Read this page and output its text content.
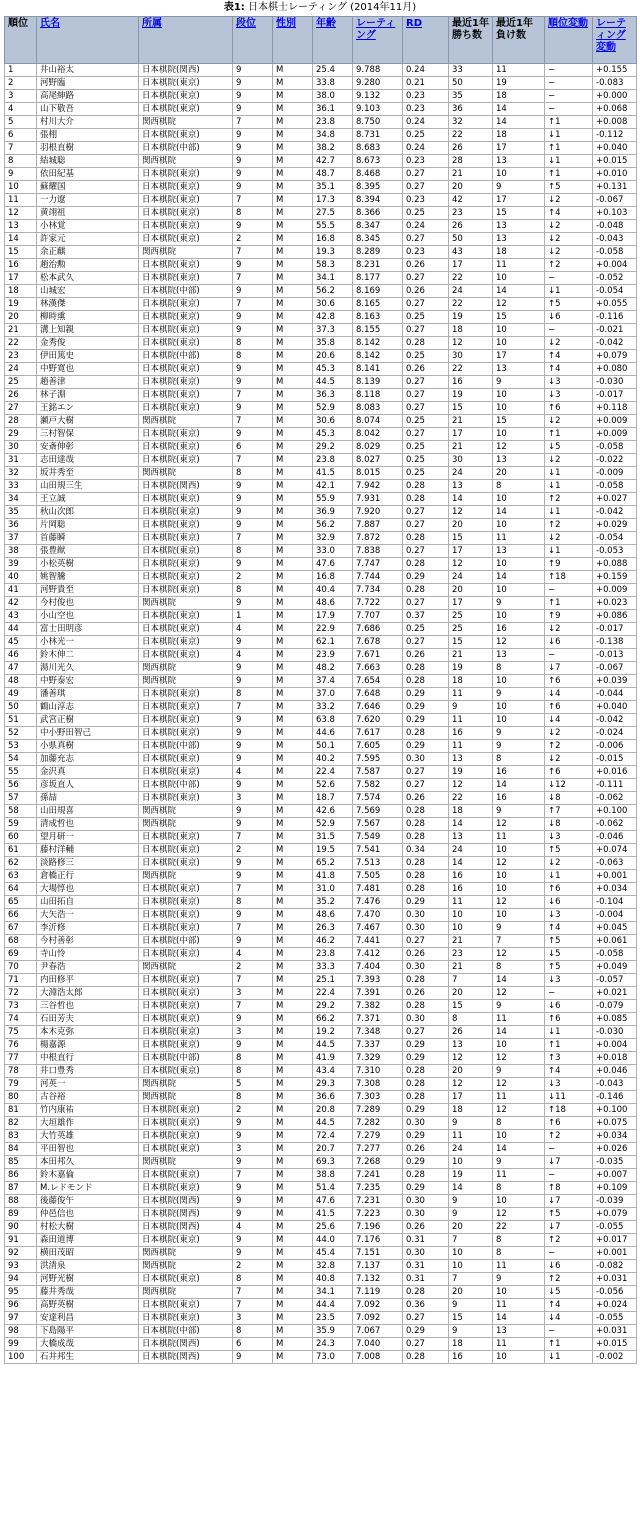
表1: 日本棋士レーティング (2014年11月)
順位	氏名	所属	段位	性別	年齢	レーティング	RD	最近1年勝ち数	最近1年負け数	順位変動	レーティング変動
1	井山裕太	日本棋院(関西)	9	M	25.4	9.788	0.24	33	11	−	+0.155
2	河野臨	日本棋院(東京)	9	M	33.8	9.280	0.21	50	19	−	-0.083
3	高尾紳路	日本棋院(東京)	9	M	38.0	9.132	0.23	35	18	−	+0.000
4	山下敬吾	日本棋院(東京)	9	M	36.1	9.103	0.23	36	14	−	+0.068
5	村川大介	関西棋院	7	M	23.8	8.750	0.24	32	14	↑1	+0.008
6	張栩	日本棋院(東京)	9	M	34.8	8.731	0.25	22	18	↓1	-0.112
7	羽根直樹	日本棋院(中部)	9	M	38.2	8.683	0.24	26	17	↑1	+0.040
8	結城聡	関西棋院	9	M	42.7	8.673	0.23	28	13	↓1	+0.015
9	依田紀基	日本棋院(東京)	9	M	48.7	8.468	0.27	21	10	↑1	+0.010
10	蘇耀国	日本棋院(東京)	9	M	35.1	8.395	0.27	20	9	↑5	+0.131
11	一力遼	日本棋院(東京)	7	M	17.3	8.394	0.23	42	17	↓2	-0.067
12	黄翊祖	日本棋院(東京)	8	M	27.5	8.366	0.25	23	15	↑4	+0.103
13	小林覚	日本棋院(東京)	9	M	55.5	8.347	0.24	26	13	↓2	-0.048
14	許家元	日本棋院(東京)	2	M	16.8	8.345	0.27	50	13	↓2	-0.043
15	余正麒	関西棋院	7	M	19.3	8.289	0.23	43	18	↓2	-0.058
16	趙治勲	日本棋院(東京)	9	M	58.3	8.231	0.26	17	11	↑2	+0.004
17	松本武久	日本棋院(東京)	7	M	34.1	8.177	0.27	22	10	−	-0.052
18	山城宏	日本棋院(中部)	9	M	56.2	8.169	0.26	24	14	↓1	-0.054
19	林漢傑	日本棋院(東京)	7	M	30.6	8.165	0.27	22	12	↑5	+0.055
20	柳時熏	日本棋院(東京)	9	M	42.8	8.163	0.25	19	15	↓6	-0.116
21	溝上知親	日本棋院(東京)	9	M	37.3	8.155	0.27	18	10	−	-0.021
22	金秀俊	日本棋院(東京)	8	M	35.8	8.142	0.28	12	10	↓2	-0.042
23	伊田篤史	日本棋院(中部)	8	M	20.6	8.142	0.25	30	17	↑4	+0.079
24	中野寛也	日本棋院(東京)	9	M	45.3	8.141	0.26	22	13	↑4	+0.080
25	趙善津	日本棋院(東京)	9	M	44.5	8.139	0.27	16	9	↓3	-0.030
26	林子淵	日本棋院(東京)	7	M	36.3	8.118	0.27	19	10	↓3	-0.017
27	王銘エン	日本棋院(東京)	9	M	52.9	8.083	0.27	15	10	↑6	+0.118
28	瀬戸大樹	関西棋院	7	M	30.6	8.074	0.25	21	15	↓2	+0.009
29	三村智保	日本棋院(東京)	9	M	45.3	8.042	0.27	17	10	↑1	+0.009
30	安斎伸彰	日本棋院(東京)	6	M	29.2	8.029	0.25	21	12	↓5	-0.058
31	志田達哉	日本棋院(東京)	7	M	23.8	8.027	0.25	30	13	↓2	-0.022
32	坂井秀至	関西棋院	8	M	41.5	8.015	0.25	24	20	↓1	-0.009
33	山田規三生	日本棋院(関西)	9	M	42.1	7.942	0.28	13	8	↓1	-0.058
34	王立誠	日本棋院(東京)	9	M	55.9	7.931	0.28	14	10	↑2	+0.027
35	秋山次郎	日本棋院(東京)	9	M	36.9	7.920	0.27	12	14	↓1	-0.042
36	片岡聡	日本棋院(東京)	9	M	56.2	7.887	0.27	20	10	↑2	+0.029
37	首藤瞬	日本棋院(東京)	7	M	32.9	7.872	0.28	15	11	↓2	-0.054
38	張豊猷	日本棋院(東京)	8	M	33.0	7.838	0.27	17	13	↓1	-0.053
39	小松英樹	日本棋院(東京)	9	M	47.6	7.747	0.28	12	10	↑9	+0.088
40	姚智騰	日本棋院(東京)	2	M	16.8	7.744	0.29	24	14	↑18	+0.159
41	河野貴至	日本棋院(東京)	8	M	40.4	7.734	0.28	20	10	−	+0.009
42	今村俊也	関西棋院	9	M	48.6	7.722	0.27	17	9	↑1	+0.023
43	小山空也	日本棋院(東京)	1	M	17.9	7.707	0.37	25	10	↑9	+0.086
44	富士田明彦	日本棋院(東京)	4	M	22.9	7.686	0.25	25	16	↓2	-0.017
45	小林光一	日本棋院(東京)	9	M	62.1	7.678	0.27	15	12	↓6	-0.138
46	鈴木伸二	日本棋院(東京)	4	M	23.9	7.671	0.26	21	13	−	-0.013
47	湯川光久	関西棋院	9	M	48.2	7.663	0.28	19	8	↓7	-0.067
48	中野泰宏	関西棋院	9	M	37.4	7.654	0.28	18	10	↑6	+0.039
49	潘善琪	日本棋院(東京)	8	M	37.0	7.648	0.29	11	9	↓4	-0.044
50	鶴山淳志	日本棋院(東京)	7	M	33.2	7.646	0.29	9	10	↑6	+0.040
51	武宮正樹	日本棋院(東京)	9	M	63.8	7.620	0.29	11	10	↓4	-0.042
52	中小野田智己	日本棋院(東京)	9	M	44.6	7.617	0.28	16	9	↓2	-0.024
53	小県真樹	日本棋院(中部)	9	M	50.1	7.605	0.29	11	9	↑2	-0.006
54	加藤充志	日本棋院(東京)	9	M	40.2	7.595	0.30	13	8	↓2	-0.015
55	金沢真	日本棋院(東京)	4	M	22.4	7.587	0.27	19	16	↑6	+0.016
56	彦坂直人	日本棋院(中部)	9	M	52.6	7.582	0.27	12	14	↓12	-0.111
57	孫喆	日本棋院(東京)	3	M	18.7	7.574	0.26	22	16	↓8	-0.062
58	山田規喜	関西棋院	9	M	42.6	7.569	0.28	18	9	↑7	+0.100
59	清成哲也	関西棋院	9	M	52.9	7.567	0.28	14	12	↓8	-0.062
60	望月研一	日本棋院(東京)	7	M	31.5	7.549	0.28	13	11	↓3	-0.046
61	藤村洋輔	日本棋院(東京)	2	M	19.5	7.541	0.34	24	10	↑5	+0.074
62	淡路修三	日本棋院(東京)	9	M	65.2	7.513	0.28	14	12	↓2	-0.063
63	倉橋正行	関西棋院	9	M	41.8	7.505	0.28	16	10	↓1	+0.001
64	大場惇也	日本棋院(東京)	7	M	31.0	7.481	0.28	16	10	↑6	+0.034
65	山田拓自	日本棋院(東京)	8	M	35.2	7.476	0.29	11	12	↓6	-0.104
66	大矢浩一	日本棋院(東京)	9	M	48.6	7.470	0.30	10	10	↓3	-0.004
67	李沂修	日本棋院(東京)	7	M	26.3	7.467	0.30	10	9	↑4	+0.045
68	今村善彰	日本棋院(中部)	9	M	46.2	7.441	0.27	21	7	↑5	+0.061
69	寺山怜	日本棋院(東京)	4	M	23.8	7.412	0.26	23	12	↓5	-0.058
70	尹春浩	関西棋院	2	M	33.3	7.404	0.30	21	8	↑5	+0.049
71	内田修平	日本棋院(東京)	7	M	25.1	7.393	0.28	7	14	↓3	-0.057
72	大淵浩太郎	日本棋院(東京)	3	M	22.4	7.391	0.26	20	12	−	+0.021
73	三谷哲也	日本棋院(東京)	7	M	29.2	7.382	0.28	15	9	↓6	-0.079
74	石田芳夫	日本棋院(東京)	9	M	66.2	7.371	0.30	8	11	↑6	+0.085
75	本木克弥	日本棋院(東京)	3	M	19.2	7.348	0.27	26	14	↓1	-0.030
76	楊嘉源	日本棋院(東京)	9	M	44.5	7.337	0.29	13	10	↑1	+0.004
77	中根直行	日本棋院(中部)	8	M	41.9	7.329	0.29	12	12	↑3	+0.018
78	井口豊秀	日本棋院(東京)	8	M	43.4	7.310	0.28	20	9	↑4	+0.046
79	河英一	関西棋院	5	M	29.3	7.308	0.28	12	12	↓3	-0.043
80	古谷裕	関西棋院	8	M	36.6	7.303	0.28	17	11	↓11	-0.146
81	竹内康祐	日本棋院(東京)	2	M	20.8	7.289	0.29	18	12	↑18	+0.100
82	大垣雄作	日本棋院(東京)	9	M	44.5	7.282	0.30	9	8	↑6	+0.075
83	大竹英雄	日本棋院(東京)	9	M	72.4	7.279	0.29	11	10	↑2	+0.034
84	平田智也	日本棋院(東京)	3	M	20.7	7.277	0.26	24	14	−	+0.026
85	本田邦久	関西棋院	9	M	69.3	7.268	0.29	10	9	↓7	-0.035
86	鈴木嘉倫	日本棋院(東京)	7	M	38.8	7.241	0.28	19	11	−	+0.007
87	M.レドモンド	日本棋院(東京)	9	M	51.4	7.235	0.29	14	8	↑8	+0.109
88	後藤俊午	日本棋院(関西)	9	M	47.6	7.231	0.30	9	10	↓7	-0.039
89	仲邑信也	日本棋院(関西)	9	M	41.5	7.223	0.30	9	12	↑5	+0.079
90	村松大樹	日本棋院(関西)	4	M	25.6	7.196	0.26	20	22	↓7	-0.055
91	森田道博	日本棋院(東京)	9	M	44.0	7.176	0.31	7	8	↑2	+0.017
92	横田茂昭	関西棋院	9	M	45.4	7.151	0.30	10	8	−	+0.001
93	洪清泉	関西棋院	2	M	32.8	7.137	0.31	10	11	↓6	-0.082
94	河野光樹	日本棋院(東京)	8	M	40.8	7.132	0.31	7	9	↑2	+0.031
95	藤井秀哉	関西棋院	7	M	34.1	7.119	0.28	20	10	↓5	-0.056
96	高野英樹	日本棋院(東京)	7	M	44.4	7.092	0.36	9	11	↑4	+0.024
97	安達利昌	日本棋院(東京)	3	M	23.5	7.092	0.27	15	14	↓4	-0.055
98	下島陽平	日本棋院(中部)	8	M	35.9	7.067	0.29	9	13	−	+0.031
99	大橋成哉	日本棋院(関西)	6	M	24.3	7.040	0.27	18	11	↑1	+0.015
100	石井邦生	日本棋院(関西)	9	M	73.0	7.008	0.28	16	10	↓1	-0.002
